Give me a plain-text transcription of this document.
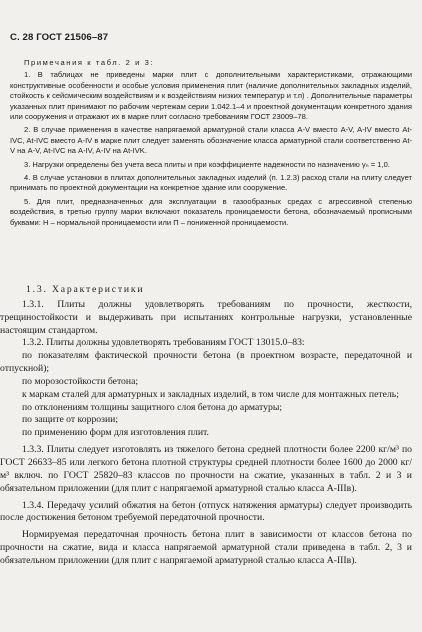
С. 28 ГОСТ 21506–87

Примечания к табл. 2 и 3:

1. В таблицах не приведены марки плит с дополнительными характеристиками, отражающими конструктивные особенности и особые условия применения плит (наличие дополнительных закладных изделий, стойкость к сейсмическим воздействиям и к воздействиям низких температур и т.п) . Дополнительные параметры указанных плит принимают по рабочим чертежам серии 1.042.1–4 и проектной документации конкретного здания или сооружения и отражают их в марке плит согласно требованиям ГОСТ 23009–78.

2. В случае применения в качестве напрягаемой арматурной стали класса A-V вместо A-V, A-IV вместо At-IVC, At-IVC вместо A-IV в марке плит следует заменять обозначение класса арматурной стали соответственно At-V на A-V, At-IVC на A-IV, A-IV на At-IVK.

3. Нагрузки определены без учета веса плиты и при коэффициенте надежности по назначению γₙ = 1,0.

4. В случае установки в плитах дополнительных закладных изделий (п. 1.2.3) расход стали на плиту следует принимать по проектной документации на конкретное здание или сооружение.

5. Для плит, предназначенных для эксплуатации в газообразных средах с агрессивной степенью воздействия, в третью группу марки включают показатель проницаемости бетона, обозначаемый прописными буквами: Н – нормальной проницаемости или П – пониженной проницаемости.

1.3. Характеристики

1.3.1. Плиты должны удовлетворять требованиям по прочности, жесткости, трещиностойкости и выдерживать при испытаниях контрольные нагрузки, установленные настоящим стандартом.

1.3.2. Плиты должны удовлетворять требованиям ГОСТ 13015.0–83:

по показателям фактической прочности бетона (в проектном возрасте, передаточной и отпускной);

по морозостойкости бетона;

к маркам сталей для арматурных и закладных изделий, в том числе для монтажных петель;

по отклонениям толщины защитного слоя бетона до арматуры;

по защите от коррозии;

по применению форм для изготовления плит.

1.3.3. Плиты следует изготовлять из тяжелого бетона средней плотности более 2200 кг/м³ по ГОСТ 26633–85 или легкого бетона плотной структуры средней плотности более 1600 до 2000 кг/м³ включ. по ГОСТ 25820–83 классов по прочности на сжатие, указанных в табл. 2 и 3 и обязательном приложении (для плит с напрягаемой арматурной сталью класса А-IIIв).

1.3.4. Передачу усилий обжатия на бетон (отпуск натяжения арматуры) следует производить после достижения бетоном требуемой передаточной прочности.

Нормируемая передаточная прочность бетона плит в зависимости от классов бетона по прочности на сжатие, вида и класса напрягаемой арматурной стали приведена в табл. 2, 3 и обязательном приложении (для плит с напрягаемой арматурной сталью класса А-IIIв).
